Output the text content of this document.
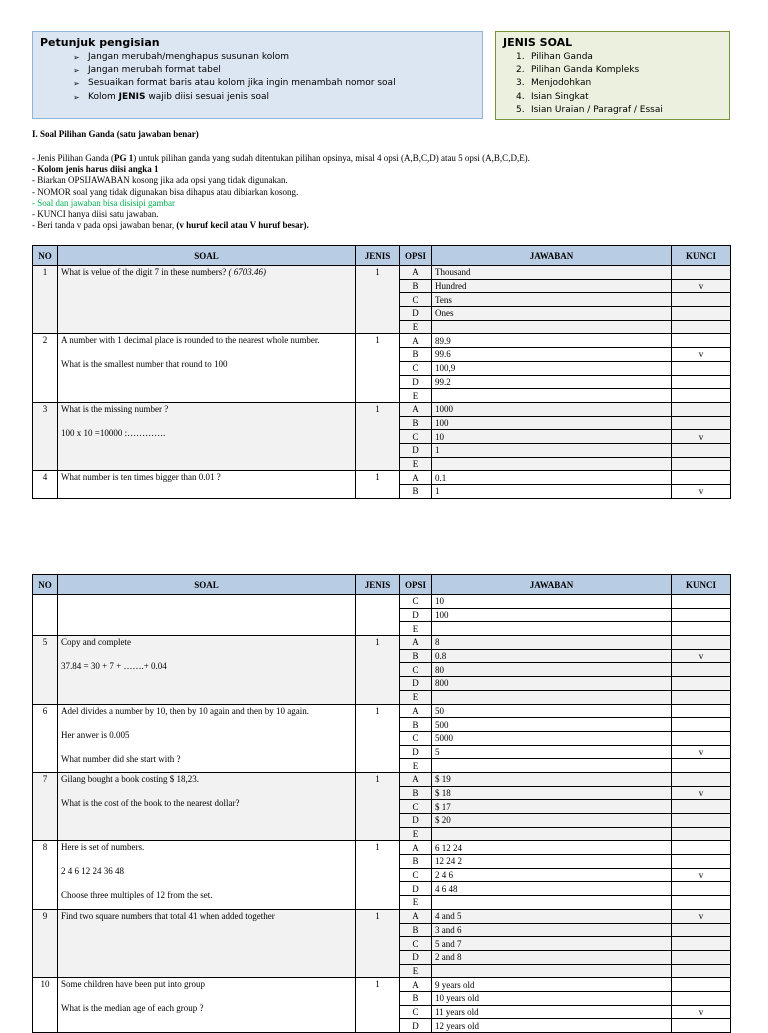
Petunjuk pengisian
➢ Jangan merubah/menghapus susunan kolom
➢ Jangan merubah format tabel
➢ Sesuaikan format baris atau kolom jika ingin menambah nomor soal
➢ Kolom JENIS wajib diisi sesuai jenis soal
JENIS SOAL
1. Pilihan Ganda
2. Pilihan Ganda Kompleks
3. Menjodohkan
4. Isian Singkat
5. Isian Uraian / Paragraf / Essai
I. Soal Pilihan Ganda (satu jawaban benar)
- Jenis Pilihan Ganda (PG 1) untuk pilihan ganda yang sudah ditentukan pilihan opsinya, misal 4 opsi (A,B,C,D) atau 5 opsi (A,B,C,D,E).
- Kolom jenis harus diisi angka 1
- Biarkan OPSIJAWABAN kosong jika ada opsi yang tidak digunakan.
- NOMOR soal yang tidak digunakan bisa dihapus atau dibiarkan kosong.
- Soal dan jawaban bisa disisipi gambar
- KUNCI hanya diisi satu jawaban.
- Beri tanda v pada opsi jawaban benar, (v huruf kecil atau V huruf besar).
NO	SOAL	JENIS	OPSI	JAWABAN	KUNCI
1	What is velue of the digit 7 in these numbers? ( 6703.46)	1	A	Thousand	
			B	Hundred	v
			C	Tens	
			D	Ones	
			E		
2	A number with 1 decimal place is rounded to the nearest whole number.
What is the smallest number that round to 100	1	A	89.9	
			B	99.6	v
			C	100,9	
			D	99.2	
			E		
3	What is the missing number ?
100 x 10 =10000 :………….	1	A	1000	
			B	100	
			C	10	v
			D	1	
			E		
4	What number is ten times bigger than 0.01 ?	1	A	0.1	
			B	1	v
NO	SOAL	JENIS	OPSI	JAWABAN	KUNCI
			C	10	
			D	100	
			E		
5	Copy and complete
37.84 = 30 + 7 + …….+ 0.04	1	A	8	
			B	0.8	v
			C	80	
			D	800	
			E		
6	Adel divides a number by 10, then by 10 again and then by 10 again.
Her anwer is 0.005
What number did she start with ?	1	A	50	
			B	500	
			C	5000	
			D	5	v
			E		
7	Gilang bought a book costing $ 18,23.
What is the cost of the book to the nearest dollar?	1	A	$ 19	
			B	$ 18	v
			C	$ 17	
			D	$ 20	
			E		
8	Here is set of numbers.
2 4 6 12 24 36 48
Choose three multiples of 12 from the set.	1	A	6 12 24	
			B	12 24 2	
			C	2 4 6	v
			D	4 6 48	
			E		
9	Find two square numbers that total 41 when added together	1	A	4 and 5	v
			B	3 and 6	
			C	5 and 7	
			D	2 and 8	
			E		
10	Some children have been put into group
What is the median age of each group ?	1	A	9 years old	
			B	10 years old	
			C	11 years old	v
			D	12 years old	
